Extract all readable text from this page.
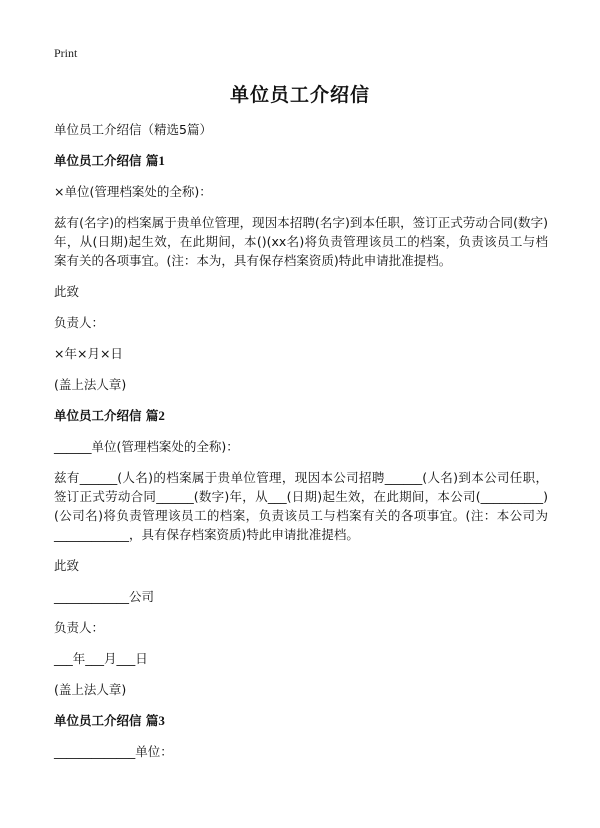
Print
单位员工介绍信

单位员工介绍信（精选5篇）

单位员工介绍信 篇1

×单位(管理档案处的全称)：

兹有(名字)的档案属于贵单位管理，现因本招聘(名字)到本任职，签订正式劳动合同(数字)年，从(日期)起生效，在此期间，本()(xx名)将负责管理该员工的档案，负责该员工与档案有关的各项事宜。(注：本为，具有保存档案资质)特此申请批准提档。

此致

负责人：

×年×月×日

(盖上法人章)

单位员工介绍信 篇2

______单位(管理档案处的全称)：

兹有______(人名)的档案属于贵单位管理，现因本公司招聘______(人名)到本公司任职，签订正式劳动合同______(数字)年，从___(日期)起生效，在此期间，本公司(__________)(公司名)将负责管理该员工的档案，负责该员工与档案有关的各项事宜。(注：本公司为____________，具有保存档案资质)特此申请批准提档。

此致

____________公司

负责人：

___年___月___日

(盖上法人章)

单位员工介绍信 篇3

_____________单位：
